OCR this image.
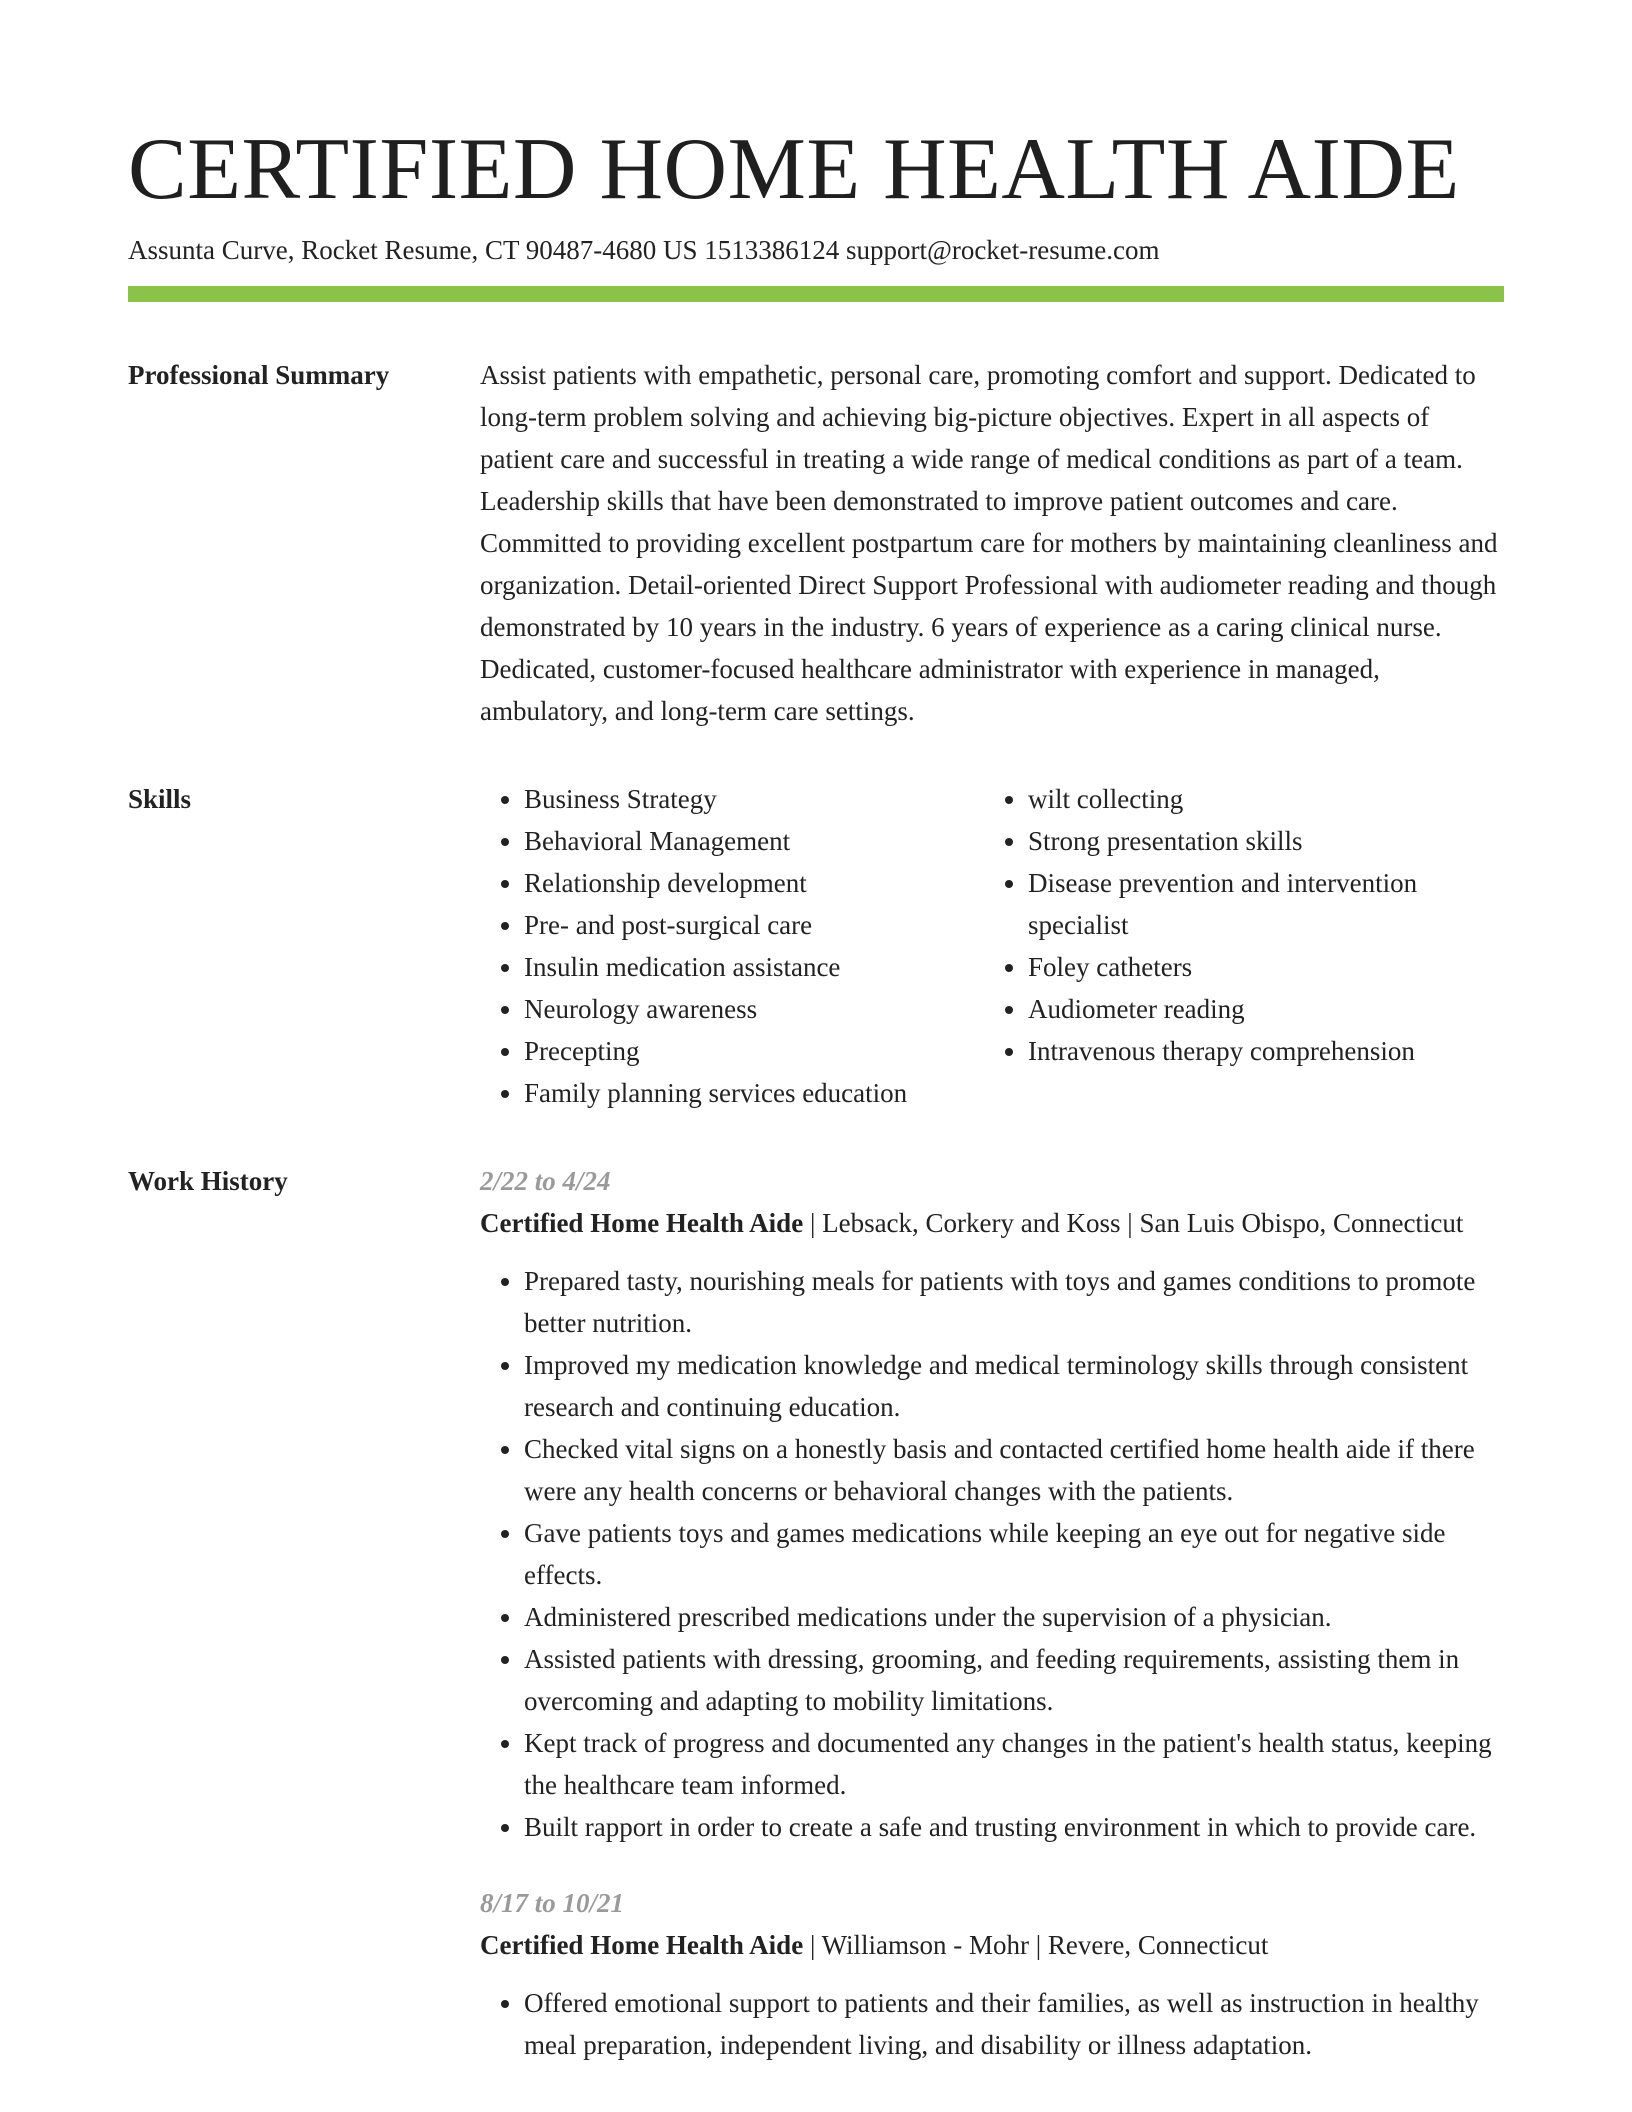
CERTIFIED HOME HEALTH AIDE
Assunta Curve, Rocket Resume, CT 90487-4680 US 1513386124 support@rocket-resume.com
Professional Summary	Assist patients with empathetic, personal care, promoting comfort and support. Dedicated to long-term problem solving and achieving big-picture objectives. Expert in all aspects of patient care and successful in treating a wide range of medical conditions as part of a team. Leadership skills that have been demonstrated to improve patient outcomes and care. Committed to providing excellent postpartum care for mothers by maintaining cleanliness and organization. Detail-oriented Direct Support Professional with audiometer reading and though demonstrated by 10 years in the industry. 6 years of experience as a caring clinical nurse. Dedicated, customer-focused healthcare administrator with experience in managed, ambulatory, and long-term care settings.

Skills
•	Business Strategy
• Behavioral Management
• Relationship development
• Pre- and post-surgical care
• Insulin medication assistance
• Neurology awareness
• Precepting
• Family planning services education
• wilt collecting
• Strong presentation skills
• Disease prevention and intervention specialist
• Foley catheters
• Audiometer reading
• Intravenous therapy comprehension
Work History	2/22 to 4/24
Certified Home Health Aide | Lebsack, Corkery and Koss | San Luis Obispo, Connecticut
• Prepared tasty, nourishing meals for patients with toys and games conditions to promote better nutrition.
• Improved my medication knowledge and medical terminology skills through consistent research and continuing education.
• Checked vital signs on a honestly basis and contacted certified home health aide if there were any health concerns or behavioral changes with the patients.
• Gave patients toys and games medications while keeping an eye out for negative side effects.
• Administered prescribed medications under the supervision of a physician.
• Assisted patients with dressing, grooming, and feeding requirements, assisting them in overcoming and adapting to mobility limitations.
• Kept track of progress and documented any changes in the patient's health status, keeping the healthcare team informed.
• Built rapport in order to create a safe and trusting environment in which to provide care.
8/17 to 10/21
Certified Home Health Aide | Williamson - Mohr | Revere, Connecticut
• Offered emotional support to patients and their families, as well as instruction in healthy meal preparation, independent living, and disability or illness adaptation.
